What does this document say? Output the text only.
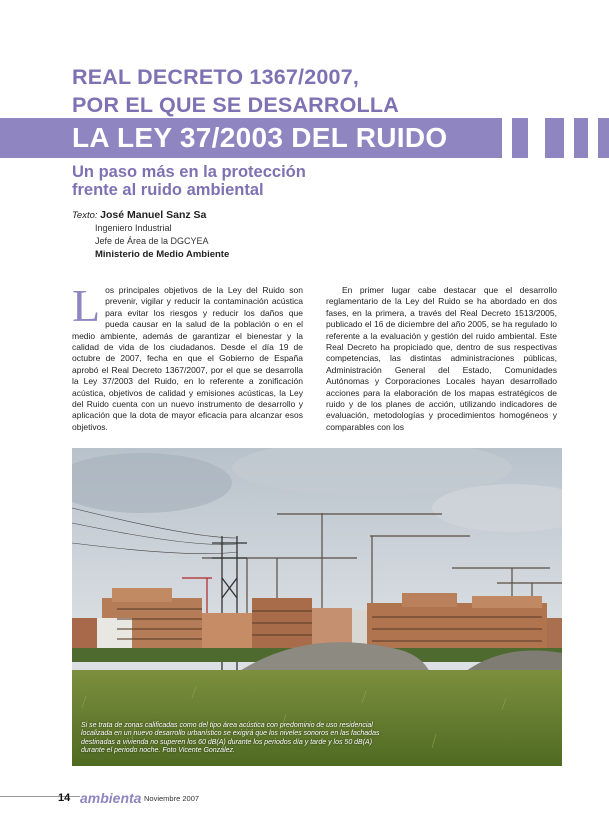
REAL DECRETO 1367/2007,
POR EL QUE SE DESARROLLA
LA LEY 37/2003 DEL RUIDO
Un paso más en la protección
frente al ruido ambiental
Texto: José Manuel Sanz Sa
Ingeniero Industrial
Jefe de Área de la DGCYEA
Ministerio de Medio Ambiente
L os principales objetivos de la Ley del Ruido son prevenir, vigilar y reducir la contaminación acústica para evitar los riesgos y reducir los daños que pueda causar en la salud de la población o en el medio ambiente, además de garantizar el bienestar y la calidad de vida de los ciudadanos. Desde el día 19 de octubre de 2007, fecha en que el Gobierno de España aprobó el Real Decreto 1367/2007, por el que se desarrolla la Ley 37/2003 del Ruido, en lo referente a zonificación acústica, objetivos de calidad y emisiones acústicas, la Ley del Ruido cuenta con un nuevo instrumento de desarrollo y aplicación que la dota de mayor eficacia para alcanzar esos objetivos.

En primer lugar cabe destacar que el desarrollo reglamentario de la Ley del Ruido se ha abordado en dos fases, en la primera, a través del Real Decreto 1513/2005, publicado el 16 de diciembre del año 2005, se ha regulado lo referente a la evaluación y gestión del ruido ambiental. Este Real Decreto ha propiciado que, dentro de sus respectivas competencias, las distintas administraciones públicas, Administración General del Estado, Comunidades Autónomas y Corporaciones Locales hayan desarrollado acciones para la elaboración de los mapas estratégicos de ruido y de los planes de acción, utilizando indicadores de evaluación, metodologías y procedimientos homogéneos y comparables con los

Si se trata de zonas calificadas como del tipo área acústica con predominio de uso residencial localizada en un nuevo desarrollo urbanístico se exigirá que los niveles sonoros en las fachadas destinadas a vivienda no superen los 60 dB(A) durante los periodos día y tarde y los 50 dB(A) durante el periodo noche. Foto Vicente González.
14 ambienta Noviembre 2007
